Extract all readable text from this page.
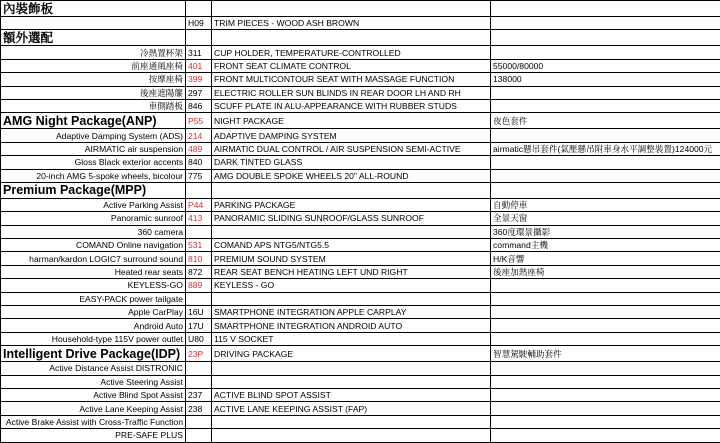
內裝飾板			
	H09	TRIM PIECES - WOOD ASH BROWN	
額外選配			
冷熱置杯架	311	CUP HOLDER, TEMPERATURE-CONTROLLED	
前座通風座椅	401	FRONT SEAT CLIMATE CONTROL	55000/80000
按摩座椅	399	FRONT MULTICONTOUR SEAT WITH MASSAGE FUNCTION	138000
後座遮陽簾	297	ELECTRIC ROLLER SUN BLINDS IN REAR DOOR LH AND RH	
車側踏板	846	SCUFF PLATE IN ALU-APPEARANCE WITH RUBBER STUDS	
AMG Night Package(ANP)	P55	NIGHT PACKAGE	夜色套件
Adaptive Damping System (ADS)	214	ADAPTIVE DAMPING SYSTEM	
AIRMATIC air suspension	489	AIRMATIC DUAL CONTROL / AIR SUSPENSION SEMI-ACTIVE	airmatic懸吊套件(氣壓懸吊附車身水平調整裝置)124000元
Gloss Black exterior accents	840	DARK TINTED GLASS	
20-inch AMG 5-spoke wheels, bicolour	775	AMG DOUBLE SPOKE WHEELS 20" ALL-ROUND	
Premium Package(MPP)			
Active Parking Assist	P44	PARKING PACKAGE	自動停車
Panoramic sunroof	413	PANORAMIC SLIDING SUNROOF/GLASS SUNROOF	全景天窗
360 camera			360度環景攝影
COMAND Online navigation	531	COMAND APS NTG5/NTG5.5	command主機
harman/kardon LOGIC7 surround sound	810	PREMIUM SOUND SYSTEM	H/K音響
Heated rear seats	872	REAR SEAT BENCH HEATING LEFT UND RIGHT	後座加熱座椅
KEYLESS-GO	889	KEYLESS - GO	
EASY-PACK power tailgate			
Apple CarPlay	16U	SMARTPHONE INTEGRATION APPLE CARPLAY	
Android Auto	17U	SMARTPHONE INTEGRATION ANDROID AUTO	
Household-type 115V power outlet	U80	115 V SOCKET	
Intelligent Drive Package(IDP)	23P	DRIVING PACKAGE	智慧駕駛輔助套件
Active Distance Assist DISTRONIC			
Active Steering Assist			
Active Blind Spot Assist	237	ACTIVE BLIND SPOT ASSIST	
Active Lane Keeping Assist	238	ACTIVE LANE KEEPING ASSIST (FAP)	
Active Brake Assist with Cross-Traffic Function			
PRE-SAFE PLUS			
